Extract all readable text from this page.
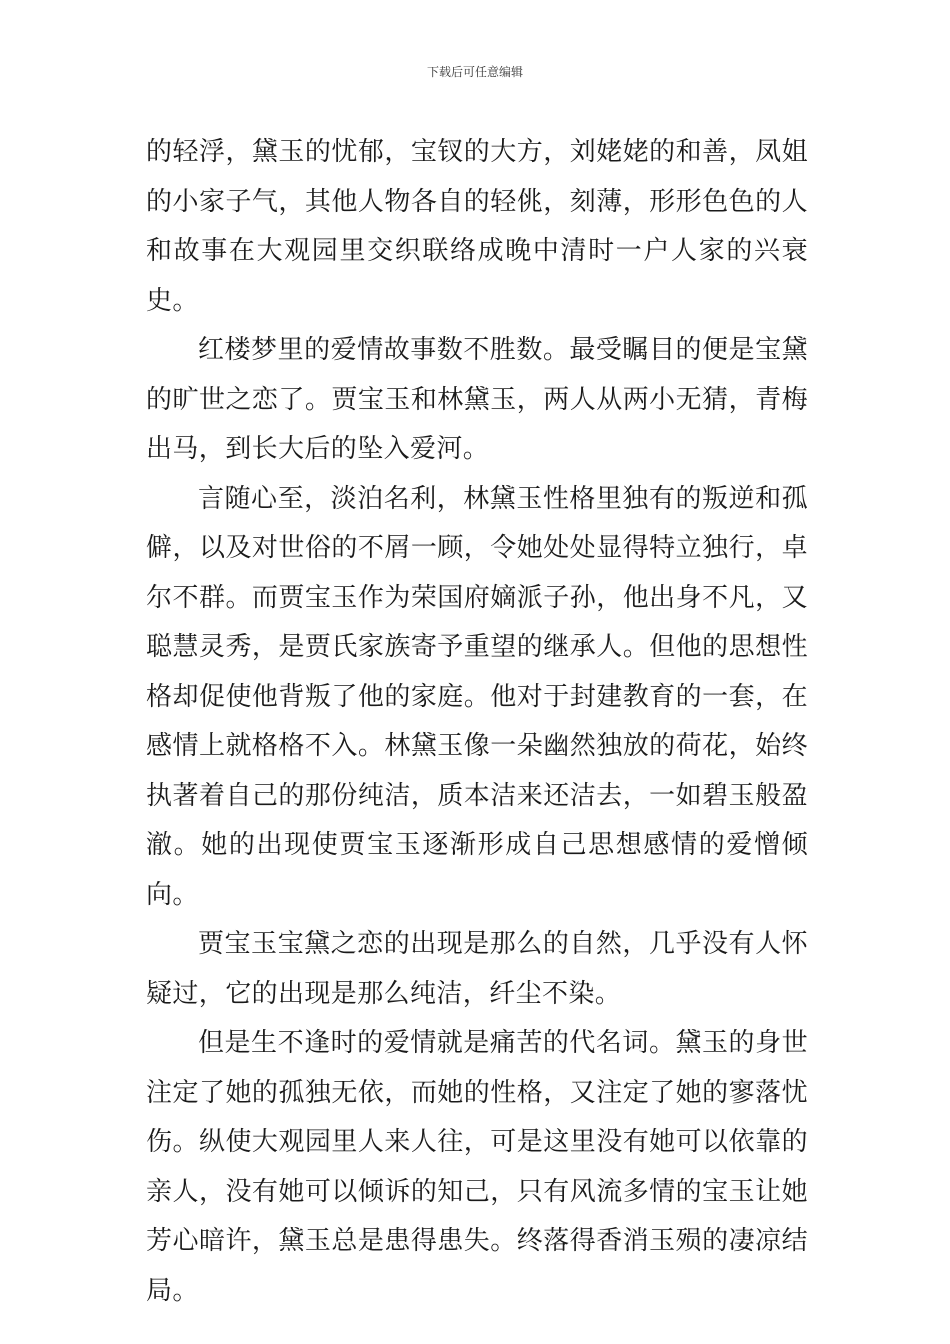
下载后可任意编辑

的轻浮，黛玉的忧郁，宝钗的大方，刘姥姥的和善，凤姐的小家子气，其他人物各自的轻佻，刻薄，形形色色的人和故事在大观园里交织联络成晚中清时一户人家的兴衰史。

红楼梦里的爱情故事数不胜数。最受瞩目的便是宝黛的旷世之恋了。贾宝玉和林黛玉，两人从两小无猜，青梅出马，到长大后的坠入爱河。

言随心至，淡泊名利，林黛玉性格里独有的叛逆和孤僻，以及对世俗的不屑一顾，令她处处显得特立独行，卓尔不群。而贾宝玉作为荣国府嫡派子孙，他出身不凡，又聪慧灵秀，是贾氏家族寄予重望的继承人。但他的思想性格却促使他背叛了他的家庭。他对于封建教育的一套，在感情上就格格不入。林黛玉像一朵幽然独放的荷花，始终执著着自己的那份纯洁，质本洁来还洁去，一如碧玉般盈澈。她的出现使贾宝玉逐渐形成自己思想感情的爱憎倾向。

贾宝玉宝黛之恋的出现是那么的自然，几乎没有人怀疑过，它的出现是那么纯洁，纤尘不染。

但是生不逢时的爱情就是痛苦的代名词。黛玉的身世注定了她的孤独无依，而她的性格，又注定了她的寥落忧伤。纵使大观园里人来人往，可是这里没有她可以依靠的亲人，没有她可以倾诉的知己，只有风流多情的宝玉让她芳心暗许，黛玉总是患得患失。终落得香消玉殒的凄凉结局。
